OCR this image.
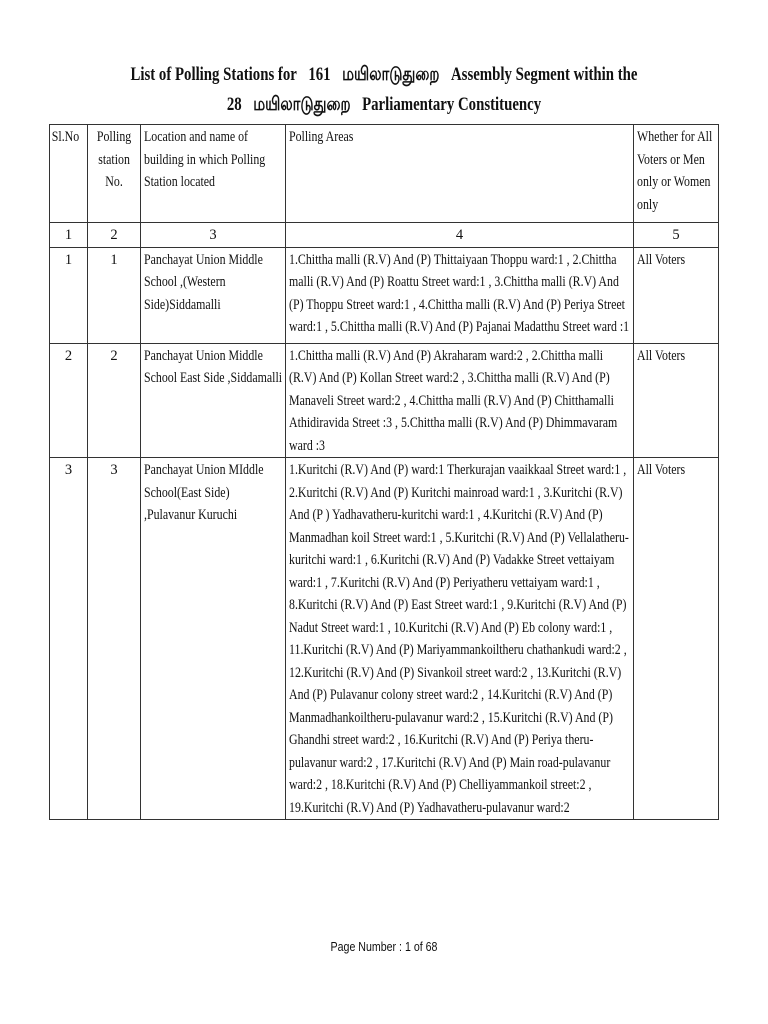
List of Polling Stations for 161 மயிலாடுதுறை Assembly Segment within the
28 மயிலாடுதுறை Parliamentary Constituency
Sl.No	Polling station No.	Location and name of building in which Polling Station located	Polling Areas	Whether for All Voters or Men only or Women only

1	2	3	4	5

1	1	Panchayat Union Middle School ,(Western Side)Siddamalli	1.Chittha malli (R.V) And (P) Thittaiyaan Thoppu ward:1 , 2.Chittha malli (R.V) And (P) Roattu Street ward:1 , 3.Chittha malli (R.V) And (P) Thoppu Street ward:1 , 4.Chittha malli (R.V) And (P) Periya Street ward:1 , 5.Chittha malli (R.V) And (P) Pajanai Madatthu Street ward :1	All Voters

2	2	Panchayat Union Middle School East Side ,Siddamalli	1.Chittha malli (R.V) And (P) Akraharam ward:2 , 2.Chittha malli (R.V) And (P) Kollan Street ward:2 , 3.Chittha malli (R.V) And (P) Manaveli Street ward:2 , 4.Chittha malli (R.V) And (P) Chitthamalli Athidiravida Street :3 , 5.Chittha malli (R.V) And (P) Dhimmavaram ward :3	All Voters

3	3	Panchayat Union MIddle School(East Side) ,Pulavanur Kuruchi	1.Kuritchi (R.V) And (P) ward:1 Therkurajan vaaikkaal Street ward:1 , 2.Kuritchi (R.V) And (P) Kuritchi mainroad ward:1 , 3.Kuritchi (R.V) And (P ) Yadhavatheru-kuritchi ward:1 , 4.Kuritchi (R.V) And (P) Manmadhan koil Street ward:1 , 5.Kuritchi (R.V) And (P) Vellalatheru-kuritchi ward:1 , 6.Kuritchi (R.V) And (P) Vadakke Street vettaiyam ward:1 , 7.Kuritchi (R.V) And (P) Periyatheru vettaiyam ward:1 , 8.Kuritchi (R.V) And (P) East Street ward:1 , 9.Kuritchi (R.V) And (P) Nadut Street ward:1 , 10.Kuritchi (R.V) And (P) Eb colony ward:1 , 11.Kuritchi (R.V) And (P) Mariyammankoiltheru chathankudi ward:2 , 12.Kuritchi (R.V) And (P) Sivankoil street ward:2 , 13.Kuritchi (R.V) And (P) Pulavanur colony street ward:2 , 14.Kuritchi (R.V) And (P) Manmadhankoiltheru-pulavanur ward:2 , 15.Kuritchi (R.V) And (P) Ghandhi street ward:2 , 16.Kuritchi (R.V) And (P) Periya theru-pulavanur ward:2 , 17.Kuritchi (R.V) And (P) Main road-pulavanur ward:2 , 18.Kuritchi (R.V) And (P) Chelliyammankoil street:2 , 19.Kuritchi (R.V) And (P) Yadhavatheru-pulavanur ward:2	All Voters
Page Number : 1 of 68
